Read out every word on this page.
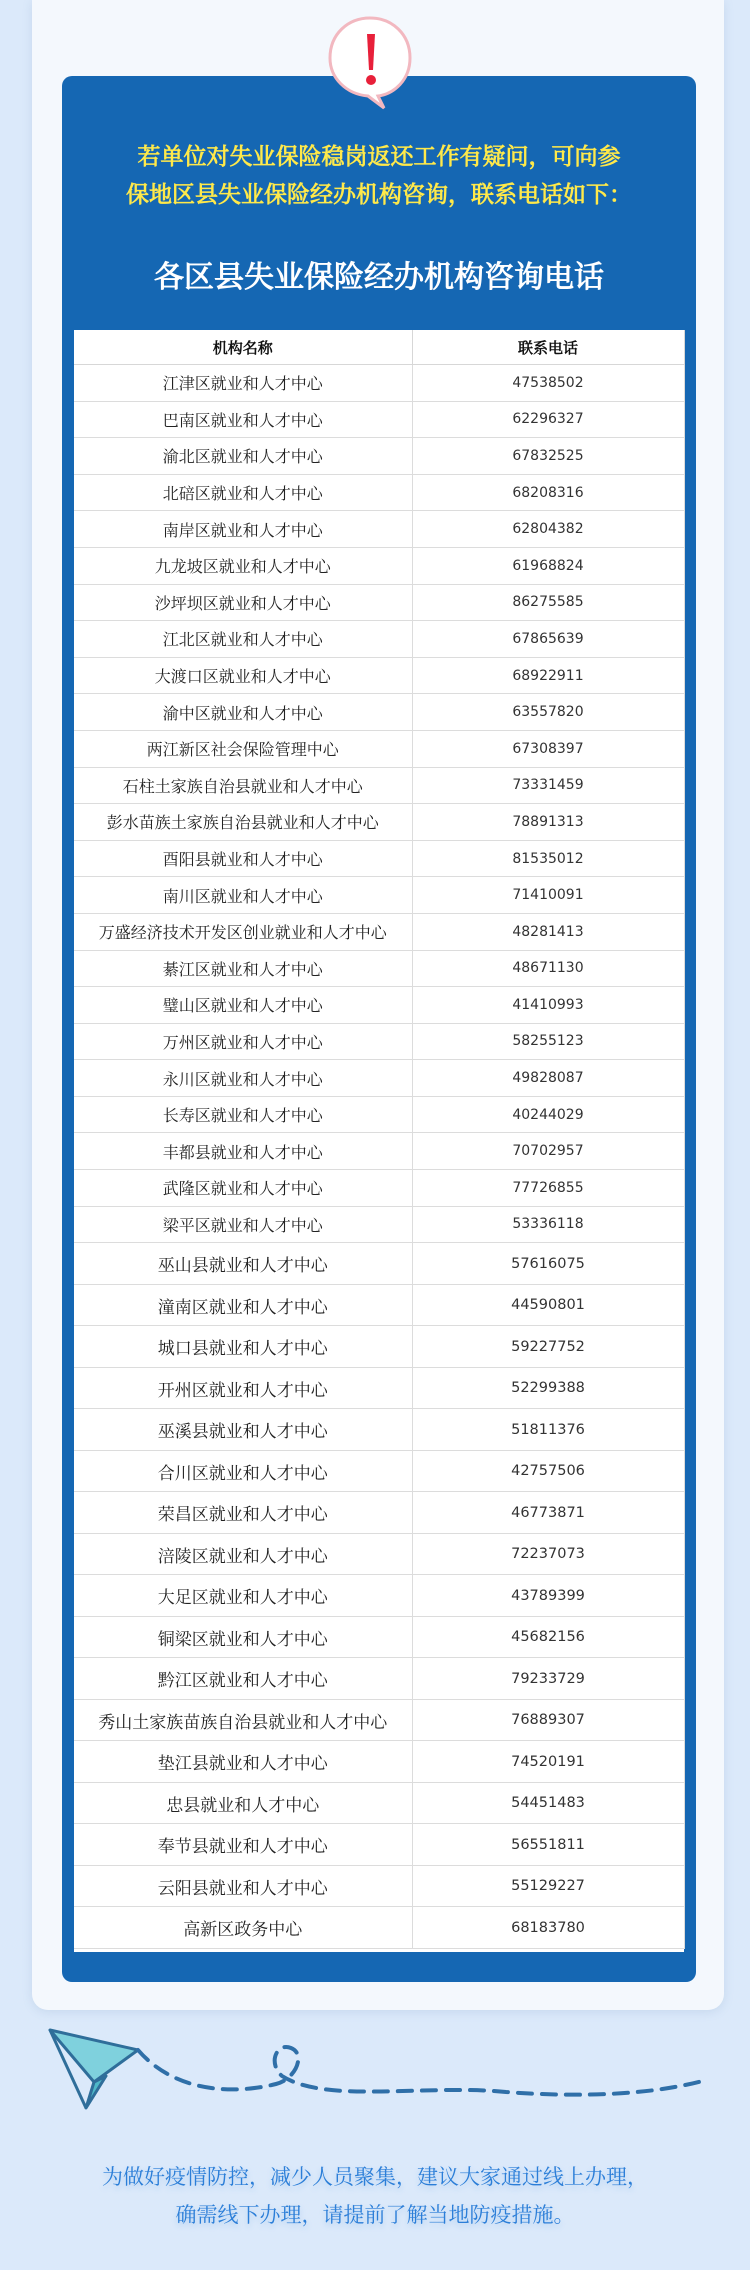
若单位对失业保险稳岗返还工作有疑问，可向参
保地区县失业保险经办机构咨询，联系电话如下：
各区县失业保险经办机构咨询电话
机构名称	联系电话
江津区就业和人才中心	47538502
巴南区就业和人才中心	62296327
渝北区就业和人才中心	67832525
北碚区就业和人才中心	68208316
南岸区就业和人才中心	62804382
九龙坡区就业和人才中心	61968824
沙坪坝区就业和人才中心	86275585
江北区就业和人才中心	67865639
大渡口区就业和人才中心	68922911
渝中区就业和人才中心	63557820
两江新区社会保险管理中心	67308397
石柱土家族自治县就业和人才中心	73331459
彭水苗族土家族自治县就业和人才中心	78891313
酉阳县就业和人才中心	81535012
南川区就业和人才中心	71410091
万盛经济技术开发区创业就业和人才中心	48281413
綦江区就业和人才中心	48671130
璧山区就业和人才中心	41410993
万州区就业和人才中心	58255123
永川区就业和人才中心	49828087
长寿区就业和人才中心	40244029
丰都县就业和人才中心	70702957
武隆区就业和人才中心	77726855
梁平区就业和人才中心	53336118
巫山县就业和人才中心	57616075
潼南区就业和人才中心	44590801
城口县就业和人才中心	59227752
开州区就业和人才中心	52299388
巫溪县就业和人才中心	51811376
合川区就业和人才中心	42757506
荣昌区就业和人才中心	46773871
涪陵区就业和人才中心	72237073
大足区就业和人才中心	43789399
铜梁区就业和人才中心	45682156
黔江区就业和人才中心	79233729
秀山土家族苗族自治县就业和人才中心	76889307
垫江县就业和人才中心	74520191
忠县就业和人才中心	54451483
奉节县就业和人才中心	56551811
云阳县就业和人才中心	55129227
高新区政务中心	68183780
为做好疫情防控，减少人员聚集，建议大家通过线上办理，
确需线下办理，请提前了解当地防疫措施。
